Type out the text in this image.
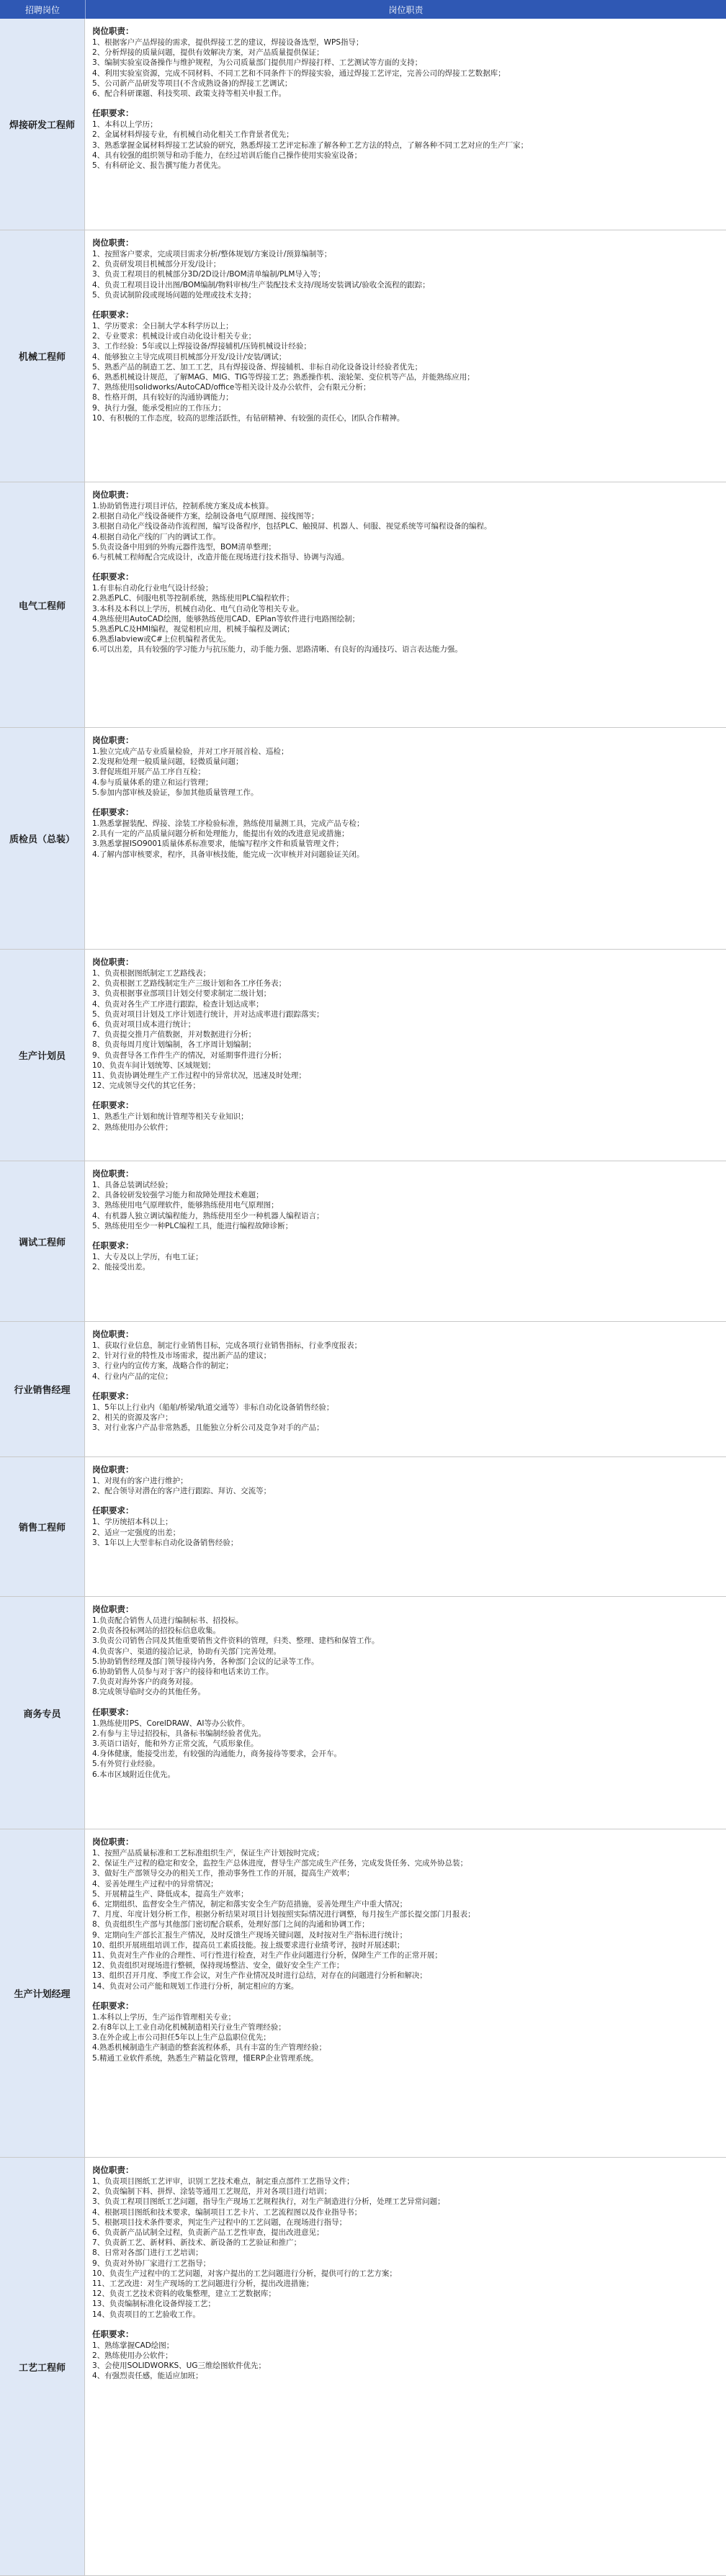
招聘岗位	岗位职责
焊接研发工程师
岗位职责：
1、根据客户产品焊接的需求，提供焊接工艺的建议，焊接设备选型，WPS指导；
2、分析焊接的质量问题，提供有效解决方案，对产品质量提供保证；
3、编制实验室设备操作与维护规程，为公司质量部门提供用户焊接打样、工艺测试等方面的支持；
4、利用实验室资源，完成不同材料、不同工艺和不同条件下的焊接实验，通过焊接工艺评定，完善公司的焊接工艺数据库；
5、公司新产品研发等项目(不含成熟设备)的焊接工艺调试；
6、配合科研课题、科技奖项、政策支持等相关申报工作。
任职要求：
1、本科以上学历；
2、金属材料焊接专业，有机械自动化相关工作背景者优先；
3、熟悉掌握金属材料焊接工艺试验的研究，熟悉焊接工艺评定标准了解各种工艺方法的特点，了解各种不同工艺对应的生产厂家；
4、具有较强的组织领导和动手能力，在经过培训后能自己操作使用实验室设备；
5、有科研论文、报告撰写能力者优先。
机械工程师
岗位职责：
1、按照客户要求，完成项目需求分析/整体规划/方案设计/预算编制等；
2、负责研发项目机械部分开发/设计；
3、负责工程项目的机械部分3D/2D设计/BOM清单编制/PLM导入等；
4、负责工程项目设计出图/BOM编制/物料审核/生产装配技术支持/现场安装调试/验收全流程的跟踪；
5、负责试制阶段或现场问题的处理或技术支持；
任职要求：
1、学历要求：全日制大学本科学历以上；
2、专业要求：机械设计或自动化设计相关专业；
3、工作经验：5年或以上焊接设备/焊接辅机/压铸机械设计经验；
4、能够独立主导完成项目机械部分开发/设计/安装/调试；
5、熟悉产品的制造工艺、加工工艺，具有焊接设备、焊接辅机、非标自动化设备设计经验者优先；
6、熟悉机械设计规范，了解MAG、MIG、TIG等焊接工艺；熟悉操作机、滚轮架、变位机等产品，并能熟练应用；
7、熟练使用solidworks/AutoCAD/office等相关设计及办公软件，会有限元分析；
8、性格开朗，具有较好的沟通协调能力；
9、执行力强，能承受相应的工作压力；
10、有积极的工作态度，较高的思维活跃性，有钻研精神、有较强的责任心，团队合作精神。
电气工程师
岗位职责：
1.协助销售进行项目评估，控制系统方案及成本核算。
2.根据自动化产线设备硬件方案，绘制设备电气原理图、接线图等；
3.根据自动化产线设备动作流程图，编写设备程序，包括PLC、触摸屏、机器人、伺服、视觉系统等可编程设备的编程。
4.根据自动化产线的厂内的调试工作。
5.负责设备中用到的外购元器件选型，BOM清单整理；
6.与机械工程师配合完成设计，改造并能在现场进行技术指导、协调与沟通。
任职要求：
1.有非标自动化行业电气设计经验；
2.熟悉PLC、伺服电机等控制系统，熟练使用PLC编程软件；
3.本科及本科以上学历，机械自动化、电气自动化等相关专业。
4.熟练使用AutoCAD绘图，能够熟练使用CAD、EPlan等软件进行电路图绘制；
5.熟悉PLC及HMI编程，视觉相机应用，机械手编程及调试；
6.熟悉labview或C#上位机编程者优先。
6.可以出差，具有较强的学习能力与抗压能力，动手能力强、思路清晰、有良好的沟通技巧、语言表达能力强。
质检员（总装）
岗位职责：
1.独立完成产品专业质量检验，并对工序开展首检、巡检；
2.发现和处理一般质量问题，轻微质量问题；
3.督促班组开展产品工序自互检；
4.参与质量体系的建立和运行管理；
5.参加内部审核及验证，参加其他质量管理工作。
任职要求：
1.熟悉掌握装配、焊接、涂装工序检验标准，熟练使用量测工具，完成产品专检；
2.具有一定的产品质量问题分析和处理能力，能提出有效的改进意见或措施；
3.熟悉掌握ISO9001质量体系标准要求，能编写程序文件和质量管理文件；
4.了解内部审核要求，程序，具备审核技能，能完成一次审核并对问题验证关闭。
生产计划员
岗位职责：
1、负责根据图纸制定工艺路线表；
2、负责根据工艺路线制定生产三级计划和各工序任务表；
3、负责根据事业部项目计划交付要求制定二级计划；
4、负责对各生产工序进行跟踪，检查计划达成率；
5、负责对项目计划及工序计划进行统计，并对达成率进行跟踪落实；
6、负责对项目成本进行统计；
7、负责提交推月产值数据，并对数据进行分析；
8、负责每周月度计划编制，各工序周计划编制；
9、负责督导各工作件生产的情况，对延期事件进行分析；
10、负责车间计划统筹、区域规划；
11、负责协调处理生产工作过程中的异常状况，迅速及时处理；
12、完成领导交代的其它任务；
任职要求：
1、熟悉生产计划和统计管理等相关专业知识；
2、熟练使用办公软件；
调试工程师
岗位职责：
1、具备总装调试经验；
2、具备较研发较强学习能力和故障处理技术难题；
3、熟练使用电气原理软件，能够熟练使用电气原理图；
4、有机器人独立调试编程能力，熟练使用至少一种机器人编程语言；
5、熟练使用至少一种PLC编程工具，能进行编程故障诊断；
任职要求：
1、大专及以上学历，有电工证；
2、能接受出差。
行业销售经理
岗位职责：
1、获取行业信息，制定行业销售目标，完成各项行业销售指标，行业季度报表；
2、针对行业的特性及市场需求，提出新产品的建议；
3、行业内的宣传方案，战略合作的制定；
4、行业内产品的定位；
任职要求：
1、5年以上行业内（船舶/桥梁/轨道交通等）非标自动化设备销售经验；
2、相关的资源及客户；
3、对行业客户产品非常熟悉，且能独立分析公司及竞争对手的产品；
销售工程师
岗位职责：
1、对现有的客户进行维护；
2、配合领导对潜在的客户进行跟踪、拜访、交流等；
任职要求：
1、学历统招本科以上；
2、适应一定强度的出差；
3、1年以上大型非标自动化设备销售经验；
商务专员
岗位职责：
1.负责配合销售人员进行编制标书、招投标。
2.负责各投标网站的招投标信息收集。
3.负责公司销售合同及其他重要销售文件资料的管理，归类、整理、建档和保管工作。
4.负责客户、渠道的接洽记录，协助有关部门完善处理。
5.协助销售经理及部门领导接待内务，各种部门会议的记录等工作。
6.协助销售人员参与对于客户的接待和电话来访工作。
7.负责对海外客户的商务对接。
8.完成领导临时交办的其他任务。
任职要求：
1.熟练使用PS、CorelDRAW、AI等办公软件。
2.有参与主导过招投标，具备标书编制经验者优先。
3.英语口语好，能和外方正常交流，气质形象佳。
4.身体健康，能接受出差，有较强的沟通能力，商务接待等要求，会开车。
5.有外贸行业经验。
6.本市区域附近住优先。
生产计划经理
岗位职责：
1、按照产品质量标准和工艺标准组织生产，保证生产计划按时完成；
2、保证生产过程的稳定和安全，监控生产总体进度，督导生产部完成生产任务，完成发货任务、完成外协总装；
3、做好生产部领导交办的相关工作，推动事务性工作的开展，提高生产效率；
4、妥善处理生产过程中的异常情况；
5、开展精益生产、降低成本，提高生产效率；
6、定期组织、监督安全生产情况，制定和落实安全生产防范措施，妥善处理生产中重大情况；
7、月度、年度计划分析工作，根据分析结果对项目计划按照实际情况进行调整，每月按生产部长提交部门月报表；
8、负责组织生产部与其他部门密切配合联系，处理好部门之间的沟通和协调工作；
9、定期向生产部长汇报生产情况，及时反馈生产现场关键问题，及时按对生产指标进行统计；
10、组织开展班组培训工作，提高员工素质技能。按上级要求进行业绩考评，按时开展述职；
11、负责对生产作业的合理性、可行性进行检查，对生产作业问题进行分析，保障生产工作的正常开展；
12、负责组织对现场进行整顿，保持现场整洁、安全，做好安全生产工作；
13、组织召开月度、季度工作会议，对生产作业情况及时进行总结，对存在的问题进行分析和解决；
14、负责对公司产能和规划工作进行分析，制定相应的方案。
任职要求：
1.本科以上学历，生产运作管理相关专业；
2.有8年以上工业自动化机械制造相关行业生产管理经验；
3.在外企或上市公司担任5年以上生产总监职位优先；
4.熟悉机械制造生产制造的整套流程体系，具有丰富的生产管理经验；
5.精通工业软件系统，熟悉生产精益化管理，懂ERP企业管理系统。
工艺工程师
岗位职责：
1、负责项目图纸工艺评审，识别工艺技术难点，制定重点部件工艺指导文件；
2、负责编制下料、拼焊、涂装等通用工艺规范，并对各项目进行培训；
3、负责工程项目图纸工艺问题，指导生产现场工艺规程执行，对生产制造进行分析，处理工艺异常问题；
4、根据项目图纸和技术要求，编制项目工艺卡片、工艺流程图以及作业指导书；
5、根据项目技术条件要求，判定生产过程中的工艺问题，在现场进行指导；
6、负责新产品试制全过程，负责新产品工艺性审查，提出改进意见；
7、负责新工艺、新材料、新技术、新设备的工艺验证和推广；
8、日常对各部门进行工艺培训；
9、负责对外协厂家进行工艺指导；
10、负责生产过程中的工艺问题，对客户提出的工艺问题进行分析，提供可行的工艺方案；
11、工艺改进：对生产现场的工艺问题进行分析，提出改进措施；
12、负责工艺技术资料的收集整理，建立工艺数据库；
13、负责编制标准化设备焊接工艺；
14、负责项目的工艺验收工作。
任职要求：
1、熟练掌握CAD绘图；
2、熟练使用办公软件；
3、会使用SOLIDWORKS、UG三维绘图软件优先；
4、有强烈责任感，能适应加班；
